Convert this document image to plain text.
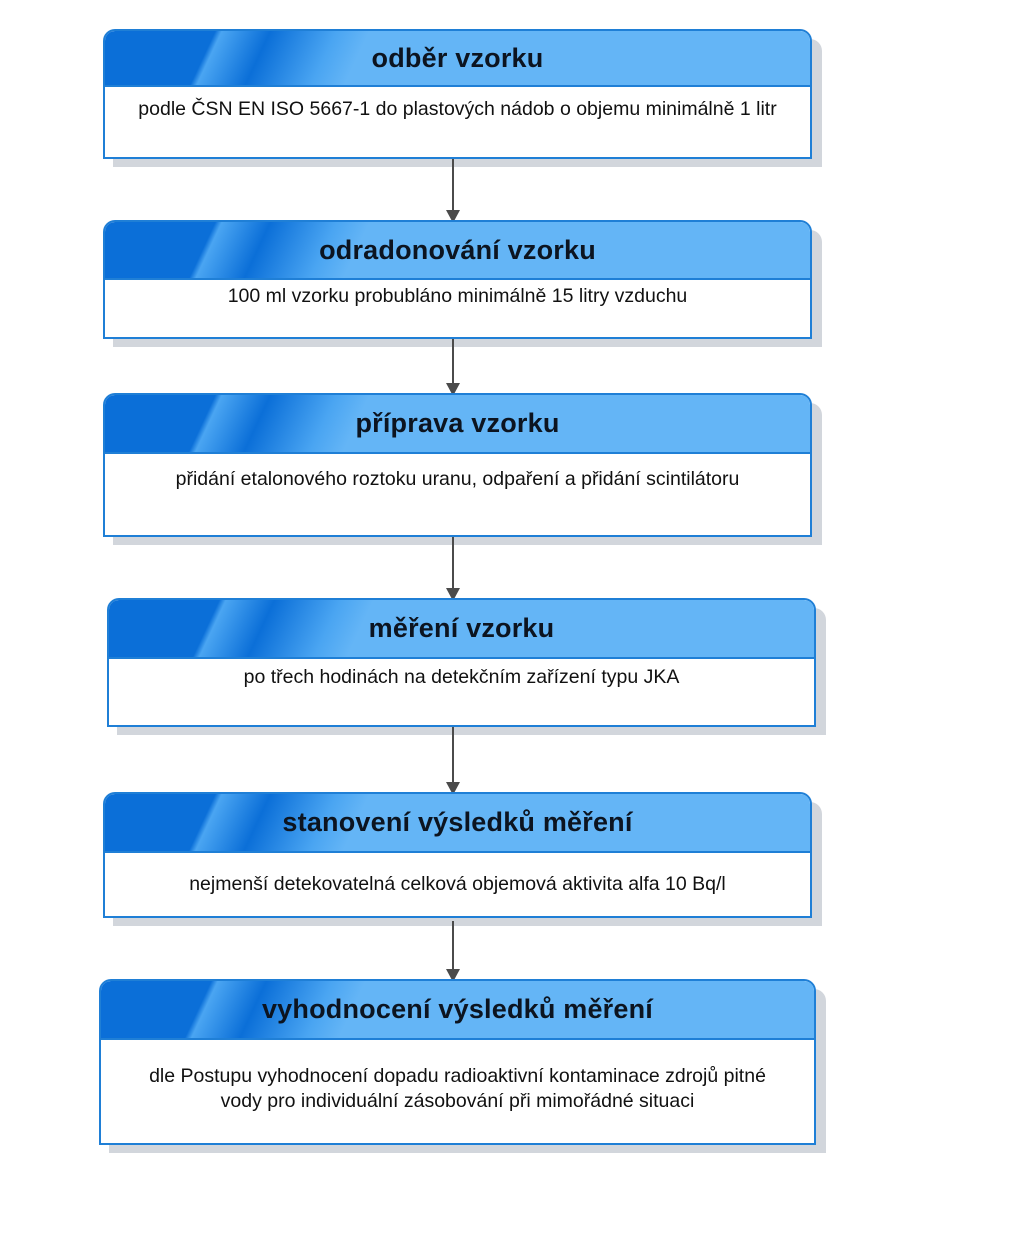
odběr vzorku
podle ČSN EN ISO 5667-1 do plastových nádob o objemu minimálně 1 litr
odradonování vzorku
100 ml vzorku probubláno minimálně 15 litry vzduchu
příprava vzorku
přidání etalonového roztoku uranu, odpaření a přidání scintilátoru
měření vzorku
po třech hodinách na detekčním zařízení typu JKA
stanovení výsledků měření
nejmenší detekovatelná celková objemová aktivita alfa 10 Bq/l
vyhodnocení výsledků měření
dle Postupu vyhodnocení dopadu radioaktivní kontaminace zdrojů pitné vody pro individuální zásobování při mimořádné situaci
